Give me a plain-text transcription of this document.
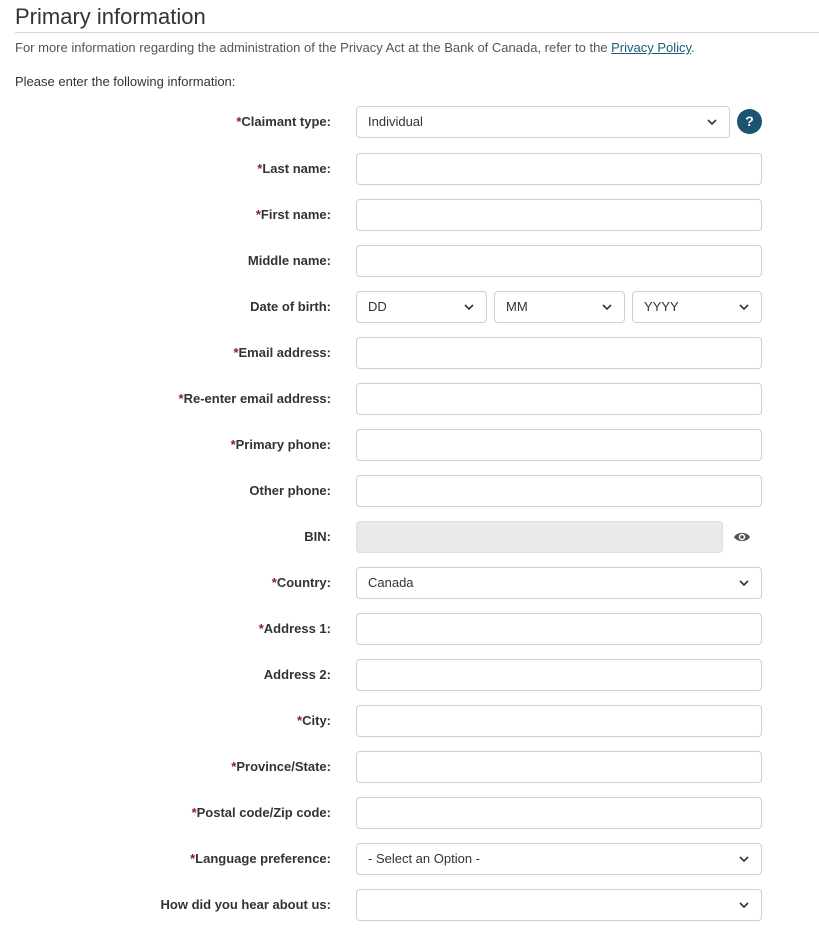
Primary information
For more information regarding the administration of the Privacy Act at the Bank of Canada, refer to the Privacy Policy.
Please enter the following information:
*Claimant type:	Individual	?
*Last name:
*First name:
Middle name:
Date of birth:	DD	MM	YYYY
*Email address:
*Re-enter email address:
*Primary phone:
Other phone:
BIN:
*Country:	Canada
*Address 1:
Address 2:
*City:
*Province/State:
*Postal code/Zip code:
*Language preference:	- Select an Option -
How did you hear about us:
